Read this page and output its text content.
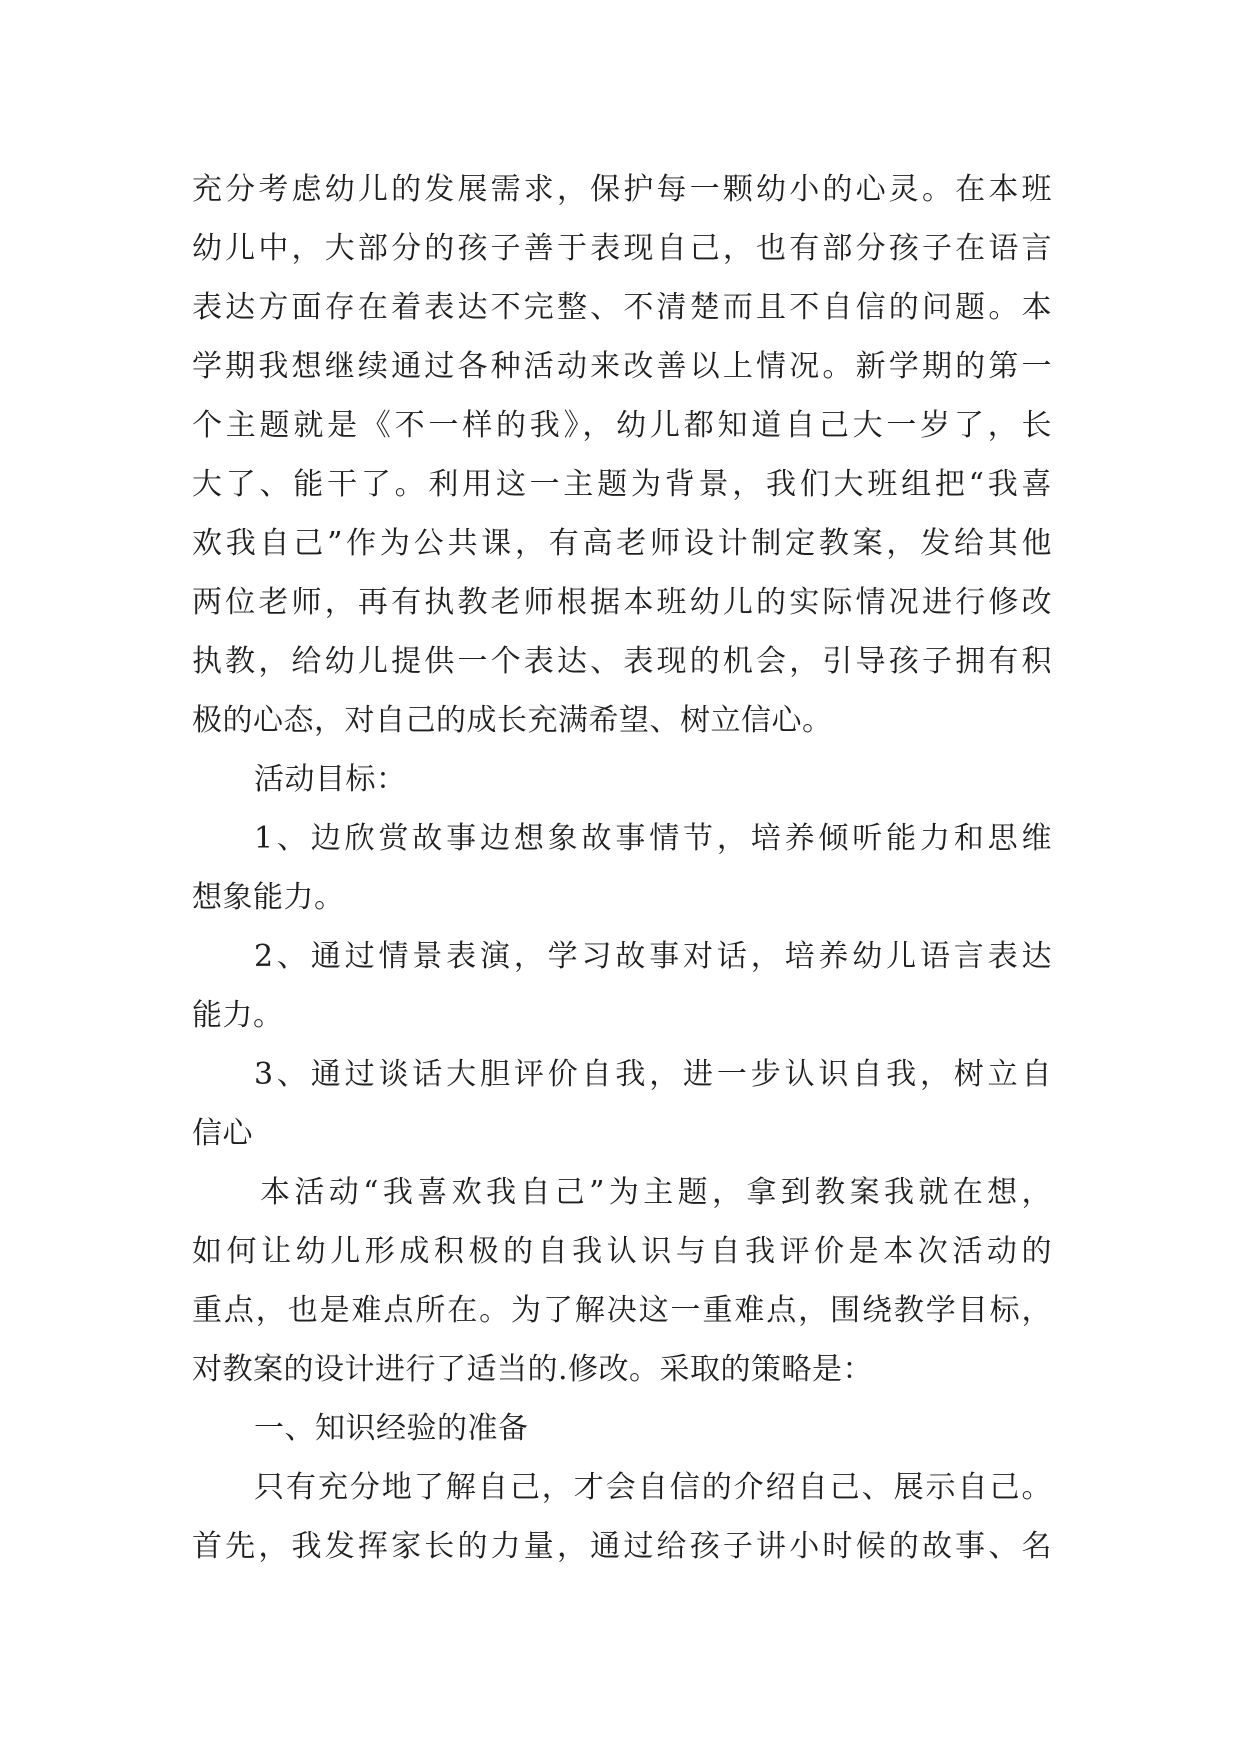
充分考虑幼儿的发展需求，保护每一颗幼小的心灵。在本班
幼儿中，大部分的孩子善于表现自己，也有部分孩子在语言
表达方面存在着表达不完整、不清楚而且不自信的问题。本
学期我想继续通过各种活动来改善以上情况。新学期的第一
个主题就是《不一样的我》，幼儿都知道自己大一岁了，长
大了、能干了。利用这一主题为背景，我们大班组把“我喜
欢我自己”作为公共课，有高老师设计制定教案，发给其他
两位老师，再有执教老师根据本班幼儿的实际情况进行修改
执教，给幼儿提供一个表达、表现的机会，引导孩子拥有积
极的心态，对自己的成长充满希望、树立信心。
活动目标：
1、边欣赏故事边想象故事情节，培养倾听能力和思维
想象能力。
2、通过情景表演，学习故事对话，培养幼儿语言表达
能力。
3、通过谈话大胆评价自我，进一步认识自我，树立自
信心
本活动“我喜欢我自己”为主题，拿到教案我就在想，
如何让幼儿形成积极的自我认识与自我评价是本次活动的
重点，也是难点所在。为了解决这一重难点，围绕教学目标，
对教案的设计进行了适当的.修改。采取的策略是：
一、知识经验的准备
只有充分地了解自己，才会自信的介绍自己、展示自己。
首先，我发挥家长的力量，通过给孩子讲小时候的故事、名
